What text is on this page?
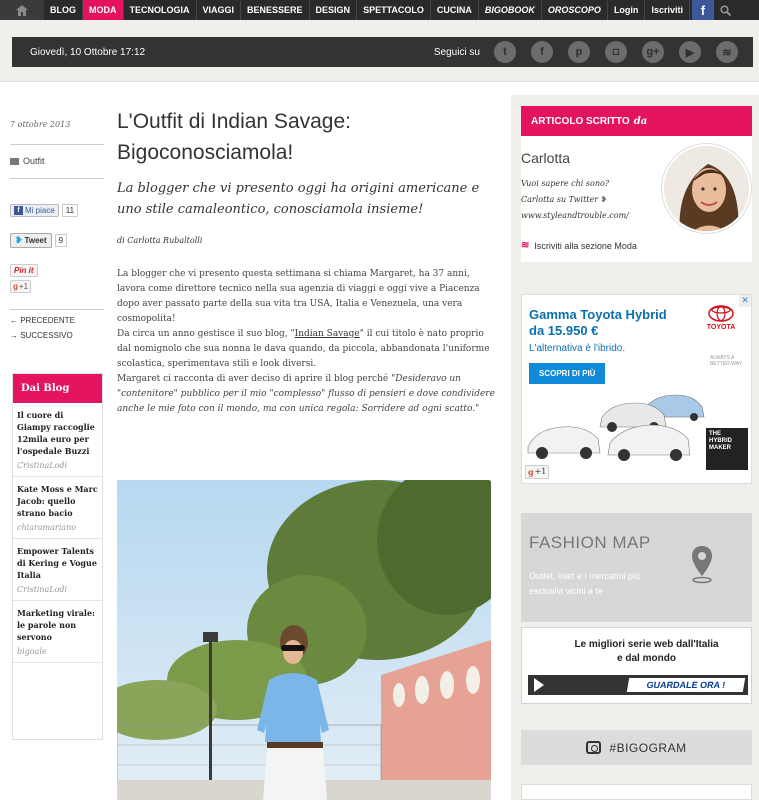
BLOG	MODA	TECNOLOGIA	VIAGGI	BENESSERE	DESIGN	SPETTACOLO	CUCINA	BIGOBOOK	OROSCOPO	Login	Iscriviti	f
Giovedì, 10 Ottobre 17:12	Seguici su	t	f	p	◘	g+	▶	≋
7 ottobre 2013
Outfit
f Mi piace	11
❥ Tweet	9
Pin it
g +1
← PRECEDENTE
→ SUCCESSIVO
Dai Blog
Il cuore di Giampy raccoglie 12mila euro per l'ospedale Buzzi
CristinaLodi
Kate Moss e Marc Jacob: quello strano bacio
chiaramariano
Empower Talents di Kering e Vogue Italia
CristinaLodi
Marketing virale: le parole non servono
bigoale
L'Outfit di Indian Savage: Bigoconosciamola!

La blogger che vi presento oggi ha origini americane e uno stile camaleontico, conosciamola insieme!

di Carlotta Rubaltolli

La blogger che vi presento questa settimana si chiama Margaret, ha 37 anni, lavora come direttore tecnico nella sua agenzia di viaggi e oggi vive a Piacenza dopo aver passato parte della sua vita tra USA, Italia e Venezuela, una vera cosmopolita!

Da circa un anno gestisce il suo blog, "Indian Savage" il cui titolo è nato proprio dal nomignolo che sua nonna le dava quando, da piccola, abbandonata l'uniforme scolastica, sperimentava stili e look diversi.

Margaret ci racconta di aver deciso di aprire il blog perché "Desideravo un "contenitore" pubblico per il mio "complesso" flusso di pensieri e dove condividere anche le mie foto con il mondo, ma con unica regola: Sorridere ad ogni scatto."

ARTICOLO SCRITTO da
Carlotta
Vuoi sapere chi sono?
Carlotta su Twitter ❥
www.styleandtrouble.com/
≋ Iscriviti alla sezione Moda
Gamma Toyota Hybrid
da 15.950 €
L'alternativa è l'ibrido.
SCOPRI DI PIÙ
TOYOTA
ALWAYS A BETTER WAY
✕
THE HYBRID MAKER
g +1
FASHION MAP
Outlet, inlet e i mercatini più
esclusivi vicini a te
Le migliori serie web dall'Italia
e dal mondo
GUARDALE ORA !
#BIGOGRAM
